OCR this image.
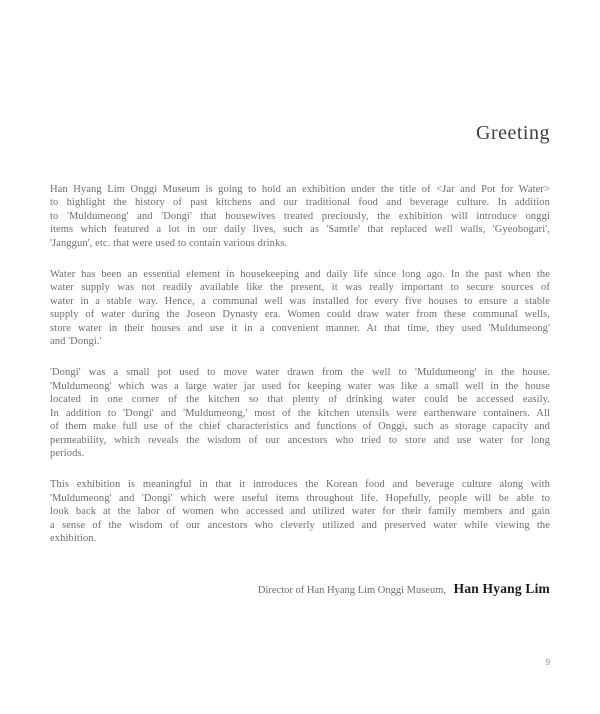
Greeting
Han Hyang Lim Onggi Museum is going to hold an exhibition under the title of <Jar and Pot for Water>
to highlight the history of past kitchens and our traditional food and beverage culture. In addition
to 'Muldumeong' and 'Dongi' that housewives treated preciously, the exhibition will introduce onggi
items which featured a lot in our daily lives, such as 'Samtle' that replaced well walls, 'Gyeobogari',
'Janggun', etc. that were used to contain various drinks.
Water has been an essential element in housekeeping and daily life since long ago. In the past when the
water supply was not readily available like the present, it was really important to secure sources of
water in a stable way. Hence, a communal well was installed for every five houses to ensure a stable
supply of water during the Joseon Dynasty era. Women could draw water from these communal wells,
store water in their houses and use it in a convenient manner. At that time, they used 'Muldumeong'
and 'Dongi.'
'Dongi' was a small pot used to move water drawn from the well to 'Muldumeong' in the house.
'Muldumeong' which was a large water jar used for keeping water was like a small well in the house
located in one corner of the kitchen so that plenty of drinking water could be accessed easily.
In addition to 'Dongi' and 'Muldumeong,' most of the kitchen utensils were earthenware containers. All
of them make full use of the chief characteristics and functions of Onggi, such as storage capacity and
permeability, which reveals the wisdom of our ancestors who tried to store and use water for long
periods.
This exhibition is meaningful in that it introduces the Korean food and beverage culture along with
'Muldumeong' and 'Dongi' which were useful items throughout life. Hopefully, people will be able to
look back at the labor of women who accessed and utilized water for their family members and gain
a sense of the wisdom of our ancestors who cleverly utilized and preserved water while viewing the
exhibition.
Director of Han Hyang Lim Onggi Museum, Han Hyang Lim
9
